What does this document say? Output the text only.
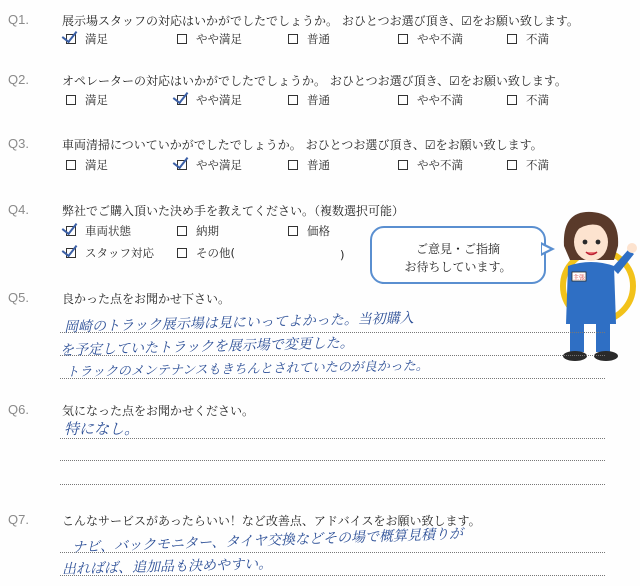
Q1.	展示場スタッフの対応はいかがでしたでしょうか。 おひとつお選び頂き、☑をお願い致します。
満足	やや満足	普通	やや不満	不満
Q2.	オペレーターの対応はいかがでしたでしょうか。 おひとつお選び頂き、☑をお願い致します。
満足	やや満足	普通	やや不満	不満
Q3.	車両清掃についていかがでしたでしょうか。 おひとつお選び頂き、☑をお願い致します。
満足	やや満足	普通	やや不満	不満
Q4.	弊社でご購入頂いた決め手を教えてください。（複数選択可能）
車両状態	納期	価格
スタッフ対応	その他(	)	ご意見・ご指摘
お待ちしています。
主張
Q5.	良かった点をお聞かせ下さい。
岡崎のトラック展示場は見にいってよかった。当初購入
を予定していたトラックを展示場で変更した。
トラックのメンテナンスもきちんとされていたのが良かった。
Q6.	気になった点をお聞かせください。
特になし。
Q7.	こんなサービスがあったらいい！など改善点、アドバイスをお願い致します。
ナビ、バックモニター、タイヤ交換などその場で概算見積りが
出ればば、追加品も決めやすい。
